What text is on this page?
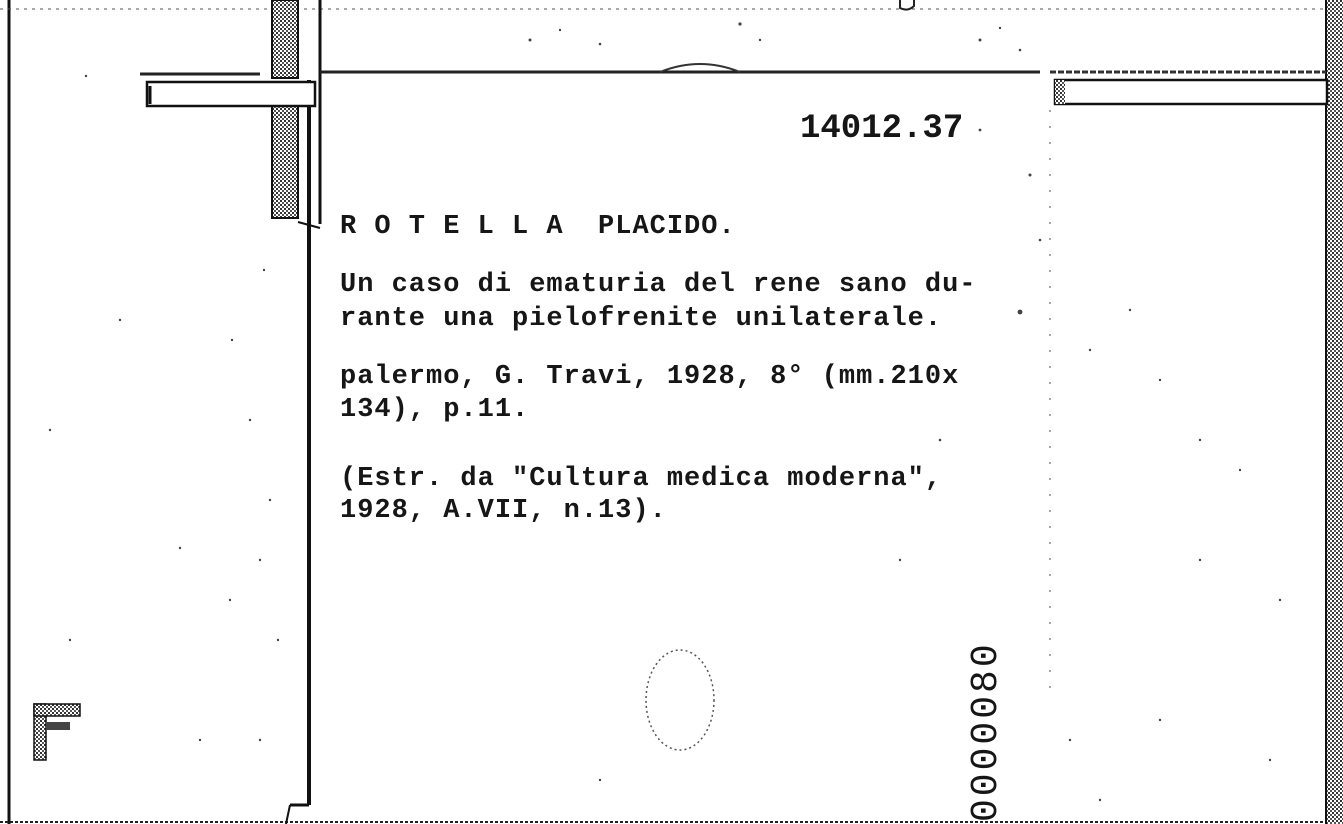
14012.37
R O T E L L A  PLACIDO.
Un caso di ematuria del rene sano du-
rante una pielofrenite unilaterale.
palermo, G. Travi, 1928, 8° (mm.210x
134), p.11.
(Estr. da "Cultura medica moderna",
1928, A.VII, n.13).
0000080
